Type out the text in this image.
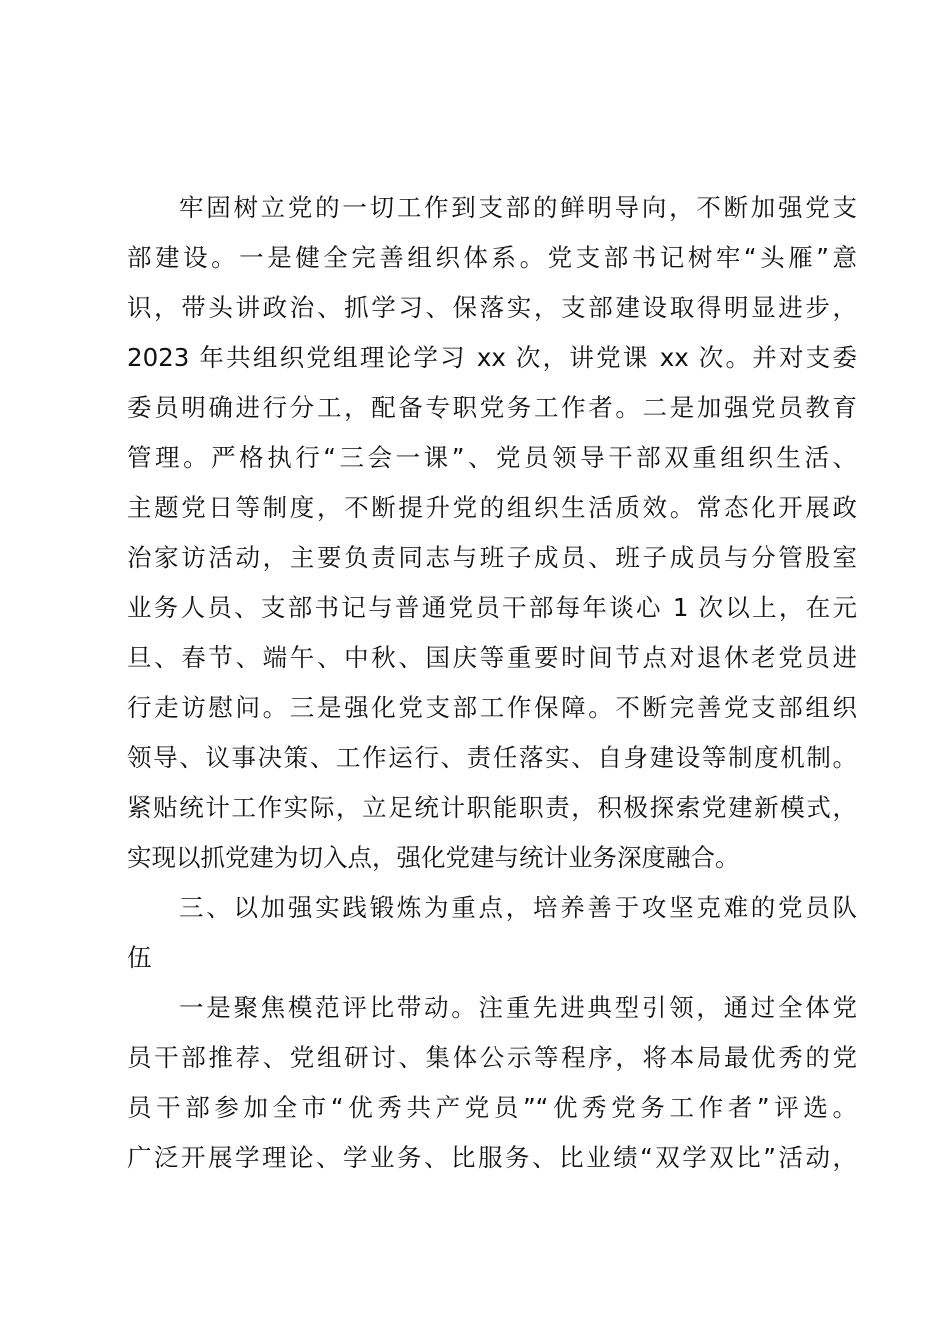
牢固树立党的一切工作到支部的鲜明导向，不断加强党支
部建设。一是健全完善组织体系。党支部书记树牢“头雁”意
识，带头讲政治、抓学习、保落实，支部建设取得明显进步，
2023 年共组织党组理论学习 xx 次，讲党课 xx 次。并对支委
委员明确进行分工，配备专职党务工作者。二是加强党员教育
管理。严格执行“三会一课”、党员领导干部双重组织生活、
主题党日等制度，不断提升党的组织生活质效。常态化开展政
治家访活动，主要负责同志与班子成员、班子成员与分管股室
业务人员、支部书记与普通党员干部每年谈心 1 次以上，在元
旦、春节、端午、中秋、国庆等重要时间节点对退休老党员进
行走访慰问。三是强化党支部工作保障。不断完善党支部组织
领导、议事决策、工作运行、责任落实、自身建设等制度机制。
紧贴统计工作实际，立足统计职能职责，积极探索党建新模式，
实现以抓党建为切入点，强化党建与统计业务深度融合。
三、以加强实践锻炼为重点，培养善于攻坚克难的党员队
伍
一是聚焦模范评比带动。注重先进典型引领，通过全体党
员干部推荐、党组研讨、集体公示等程序，将本局最优秀的党
员干部参加全市“优秀共产党员”“优秀党务工作者”评选。
广泛开展学理论、学业务、比服务、比业绩“双学双比”活动，
